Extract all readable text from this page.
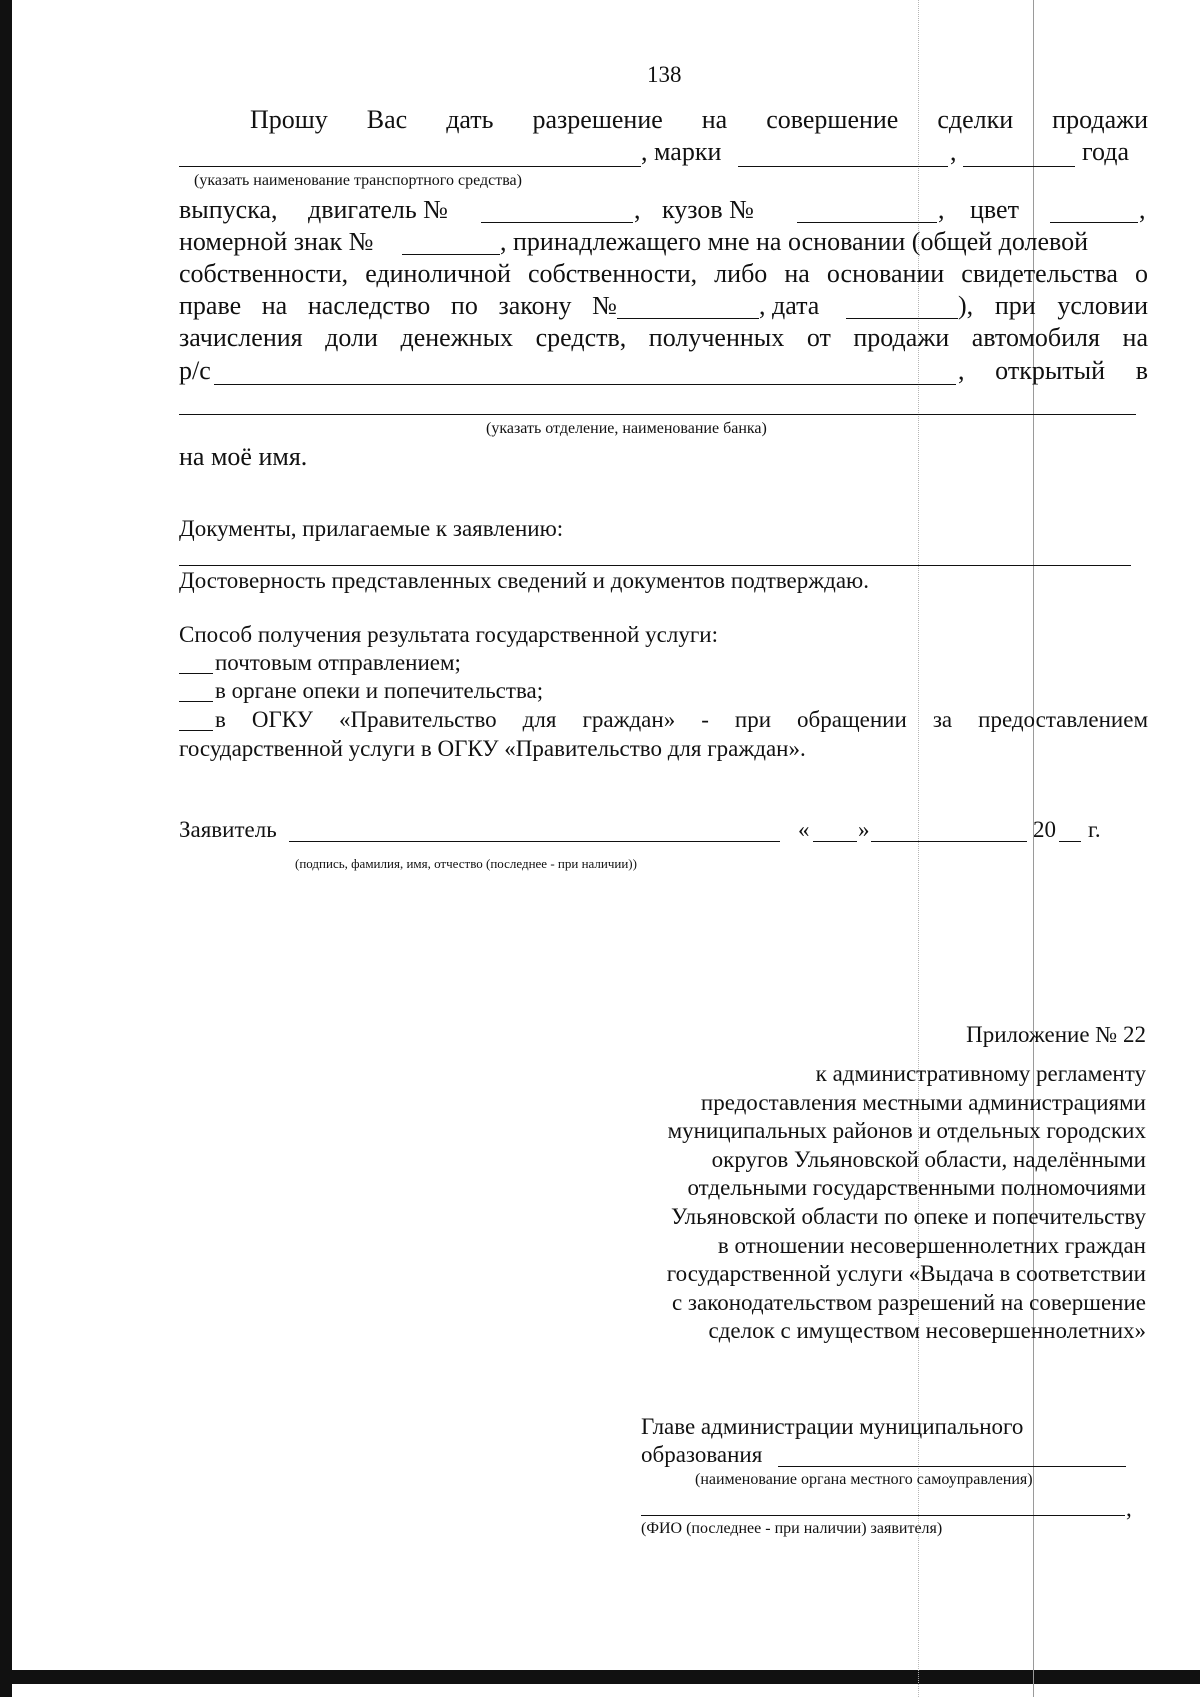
138
Прошу Вас дать разрешение на совершение сделки продажи
, марки	,	года
(указать наименование транспортного средства)
выпуска, двигатель №	, кузов №	, цвет	,
номерной знак №	, принадлежащего мне на основании (общей долевой
собственности, единоличной собственности, либо на основании свидетельства о
праве на наследство по закону №	, дата	), при условии
зачисления доли денежных средств, полученных от продажи автомобиля на
р/с	, открытый в
(указать отделение, наименование банка)
на моё имя.
Документы, прилагаемые к заявлению:
Достоверность представленных сведений и документов подтверждаю.
Способ получения результата государственной услуги:
почтовым отправлением;
в органе опеки и попечительства;
в ОГКУ «Правительство для граждан» - при обращении за предоставлением
государственной услуги в ОГКУ «Правительство для граждан».
Заявитель	« »	20 г.
(подпись, фамилия, имя, отчество (последнее - при наличии))
Приложение № 22
к административному регламенту
предоставления местными администрациями
муниципальных районов и отдельных городских
округов Ульяновской области, наделёнными
отдельными государственными полномочиями
Ульяновской области по опеке и попечительству
в отношении несовершеннолетних граждан
государственной услуги «Выдача в соответствии
с законодательством разрешений на совершение
сделок с имуществом несовершеннолетних»
Главе администрации муниципального
образования
(наименование органа местного самоуправления)
,
(ФИО (последнее - при наличии) заявителя)
